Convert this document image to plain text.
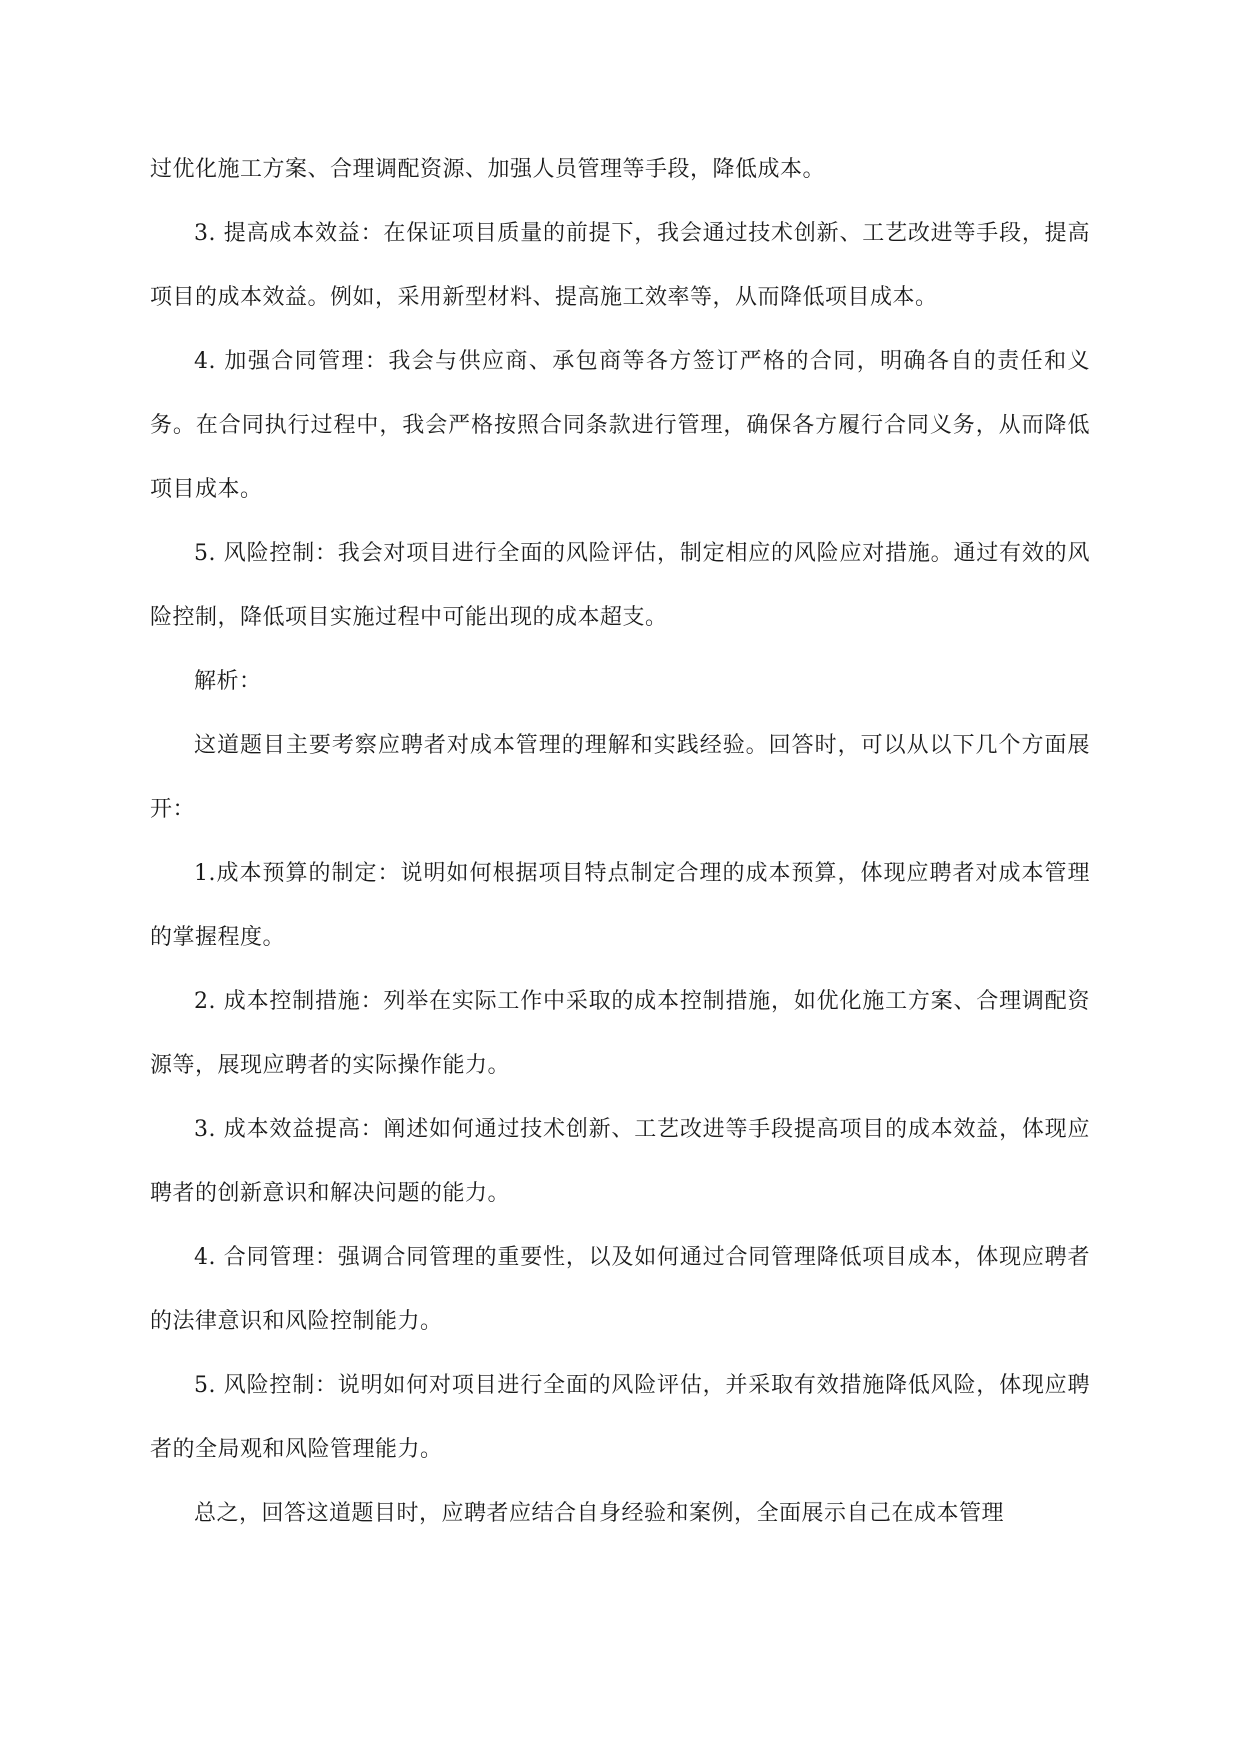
过优化施工方案、合理调配资源、加强人员管理等手段，降低成本。

3. 提高成本效益：在保证项目质量的前提下，我会通过技术创新、工艺改进等手段，提高项目的成本效益。例如，采用新型材料、提高施工效率等，从而降低项目成本。

4. 加强合同管理：我会与供应商、承包商等各方签订严格的合同，明确各自的责任和义务。在合同执行过程中，我会严格按照合同条款进行管理，确保各方履行合同义务，从而降低项目成本。

5. 风险控制：我会对项目进行全面的风险评估，制定相应的风险应对措施。通过有效的风险控制，降低项目实施过程中可能出现的成本超支。

解析：

这道题目主要考察应聘者对成本管理的理解和实践经验。回答时，可以从以下几个方面展开：

1.成本预算的制定：说明如何根据项目特点制定合理的成本预算，体现应聘者对成本管理的掌握程度。

2. 成本控制措施：列举在实际工作中采取的成本控制措施，如优化施工方案、合理调配资源等，展现应聘者的实际操作能力。

3. 成本效益提高：阐述如何通过技术创新、工艺改进等手段提高项目的成本效益，体现应聘者的创新意识和解决问题的能力。

4. 合同管理：强调合同管理的重要性，以及如何通过合同管理降低项目成本，体现应聘者的法律意识和风险控制能力。

5. 风险控制：说明如何对项目进行全面的风险评估，并采取有效措施降低风险，体现应聘者的全局观和风险管理能力。

总之，回答这道题目时，应聘者应结合自身经验和案例，全面展示自己在成本管理
